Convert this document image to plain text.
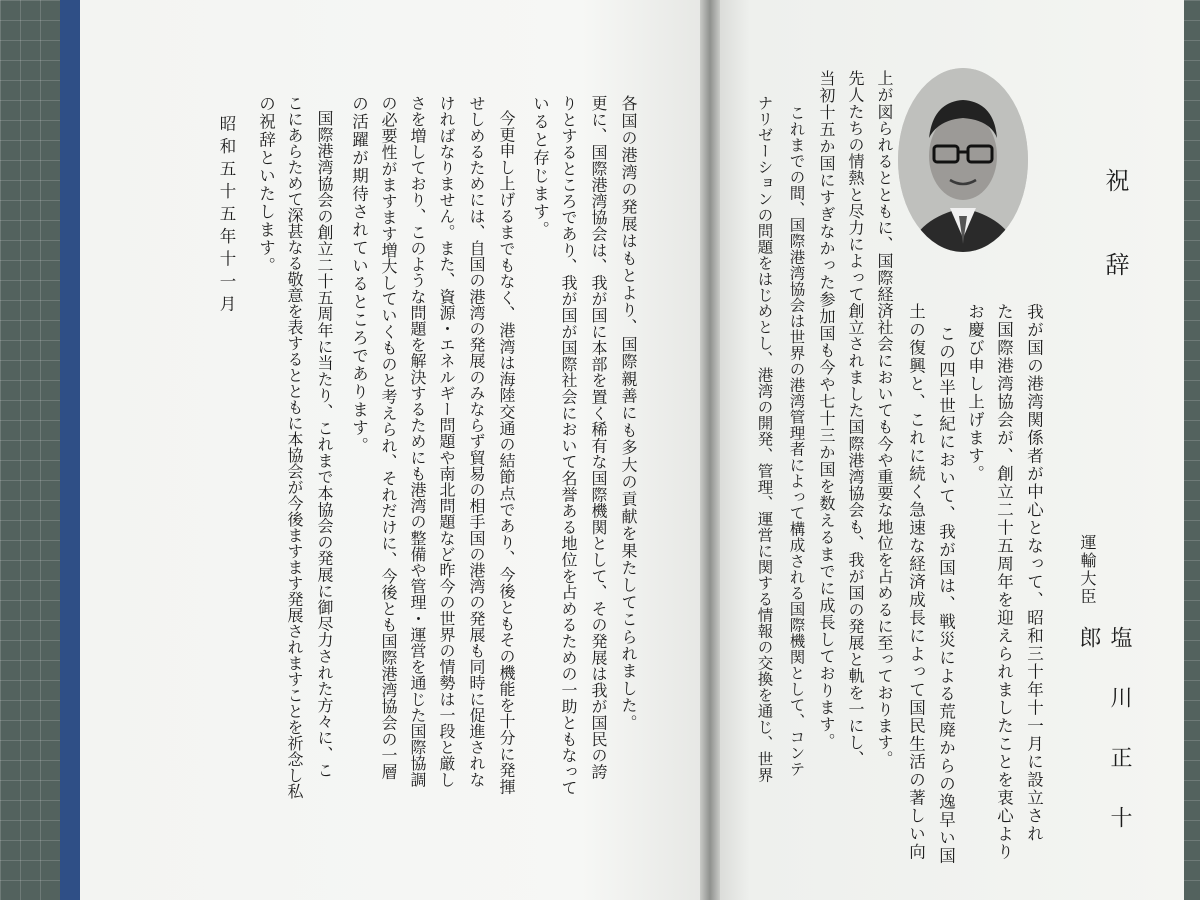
祝辞
運輸大臣
塩川正十郎
我が国の港湾関係者が中心となって、昭和三十年十一月に設立され
た国際港湾協会が、創立二十五周年を迎えられましたことを衷心より
お慶び申し上げます。
この四半世紀において、我が国は、戦災による荒廃からの逸早い国
土の復興と、これに続く急速な経済成長によって国民生活の著しい向
上が図られるとともに、国際経済社会においても今や重要な地位を占めるに至っております。
先人たちの情熱と尽力によって創立されました国際港湾協会も、我が国の発展と軌を一にし、
当初十五か国にすぎなかった参加国も今や七十三か国を数えるまでに成長しております。
これまでの間、国際港湾協会は世界の港湾管理者によって構成される国際機関として、コンテ
ナリゼーションの問題をはじめとし、港湾の開発、管理、運営に関する情報の交換を通じ、世界
各国の港湾の発展はもとより、国際親善にも多大の貢献を果たしてこられました。
更に、国際港湾協会は、我が国に本部を置く稀有な国際機関として、その発展は我が国民の誇
りとするところであり、我が国が国際社会において名誉ある地位を占めるための一助ともなって
いると存じます。
今更申し上げるまでもなく、港湾は海陸交通の結節点であり、今後ともその機能を十分に発揮
せしめるためには、自国の港湾の発展のみならず貿易の相手国の港湾の発展も同時に促進されな
ければなりません。また、資源・エネルギー問題や南北問題など昨今の世界の情勢は一段と厳し
さを増しており、このような問題を解決するためにも港湾の整備や管理・運営を通じた国際協調
の必要性がますます増大していくものと考えられ、それだけに、今後とも国際港湾協会の一層
の活躍が期待されているところであります。
国際港湾協会の創立二十五周年に当たり、これまで本協会の発展に御尽力された方々に、こ
こにあらためて深甚なる敬意を表するとともに本協会が今後ますます発展されますことを祈念し私
の祝辞といたします。
昭和五十五年十一月
